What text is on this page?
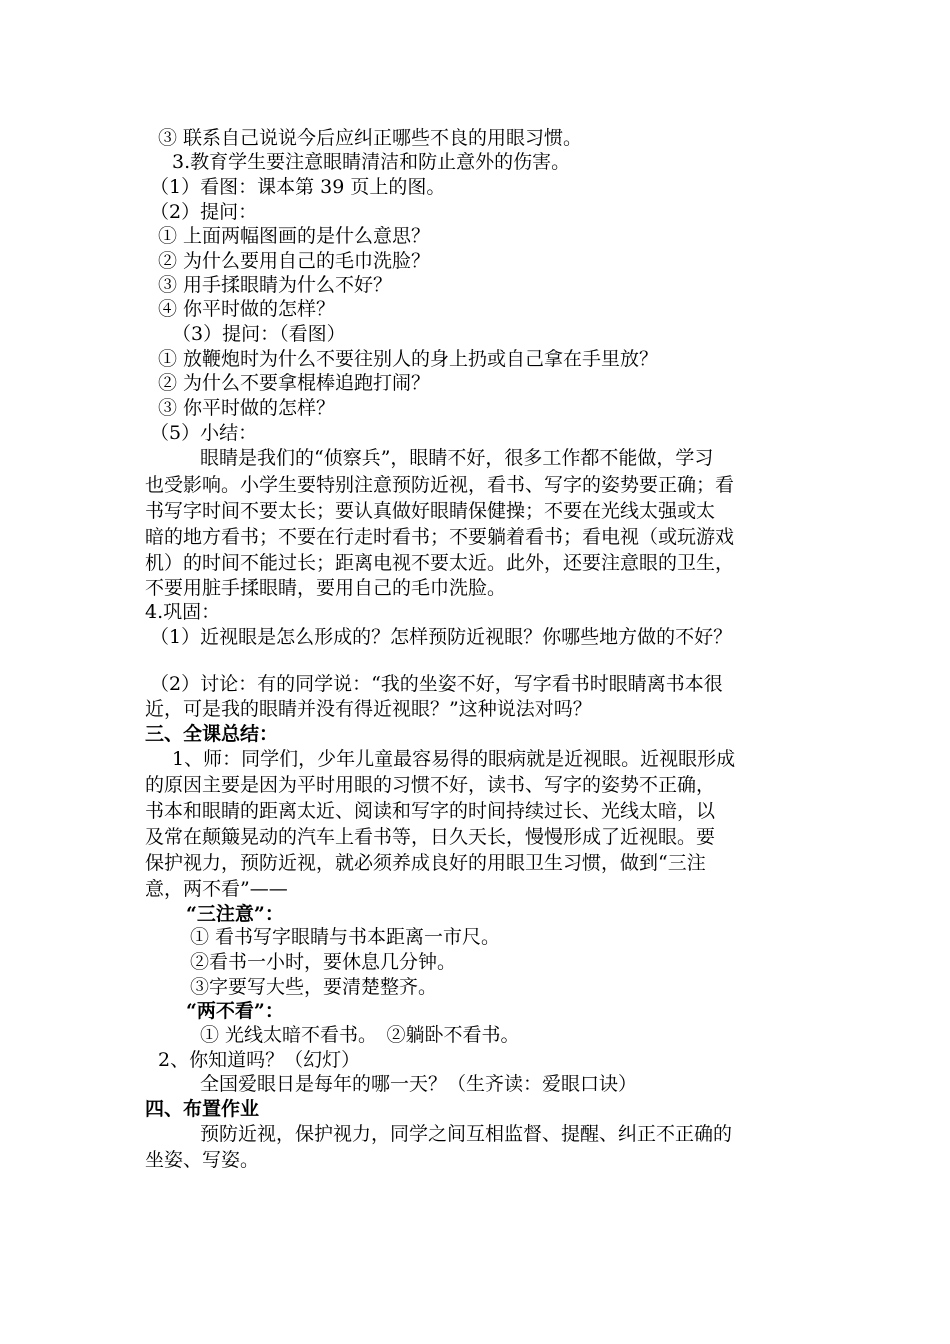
③ 联系自己说说今后应纠正哪些不良的用眼习惯。
3.教育学生要注意眼睛清洁和防止意外的伤害。
（1）看图：课本第 39 页上的图。
（2）提问：
① 上面两幅图画的是什么意思？
② 为什么要用自己的毛巾洗脸？
③ 用手揉眼睛为什么不好？
④ 你平时做的怎样？
（3）提问：（看图）
① 放鞭炮时为什么不要往别人的身上扔或自己拿在手里放？
② 为什么不要拿棍棒追跑打闹？
③ 你平时做的怎样？
（5）小结：
眼睛是我们的“侦察兵”，眼睛不好，很多工作都不能做，学习
也受影响。小学生要特别注意预防近视，看书、写字的姿势要正确；看
书写字时间不要太长；要认真做好眼睛保健操；不要在光线太强或太
暗的地方看书；不要在行走时看书；不要躺着看书；看电视（或玩游戏
机）的时间不能过长；距离电视不要太近。此外，还要注意眼的卫生，
不要用脏手揉眼睛，要用自己的毛巾洗脸。
4.巩固：
（1）近视眼是怎么形成的？怎样预防近视眼？你哪些地方做的不好？
（2）讨论：有的同学说：“我的坐姿不好，写字看书时眼睛离书本很
近，可是我的眼睛并没有得近视眼？”这种说法对吗？
三、全课总结：
1、师：同学们，少年儿童最容易得的眼病就是近视眼。近视眼形成
的原因主要是因为平时用眼的习惯不好，读书、写字的姿势不正确，
书本和眼睛的距离太近、阅读和写字的时间持续过长、光线太暗，以
及常在颠簸晃动的汽车上看书等，日久天长，慢慢形成了近视眼。要
保护视力，预防近视，就必须养成良好的用眼卫生习惯，做到“三注
意，两不看”——
“三注意”：
① 看书写字眼睛与书本距离一市尺。
②看书一小时，要休息几分钟。
③字要写大些，要清楚整齐。
“两不看”：
① 光线太暗不看书。　②躺卧不看书。
2、你知道吗？（幻灯）
全国爱眼日是每年的哪一天？（生齐读：爱眼口诀）
四、布置作业
预防近视，保护视力，同学之间互相监督、提醒、纠正不正确的
坐姿、写姿。
